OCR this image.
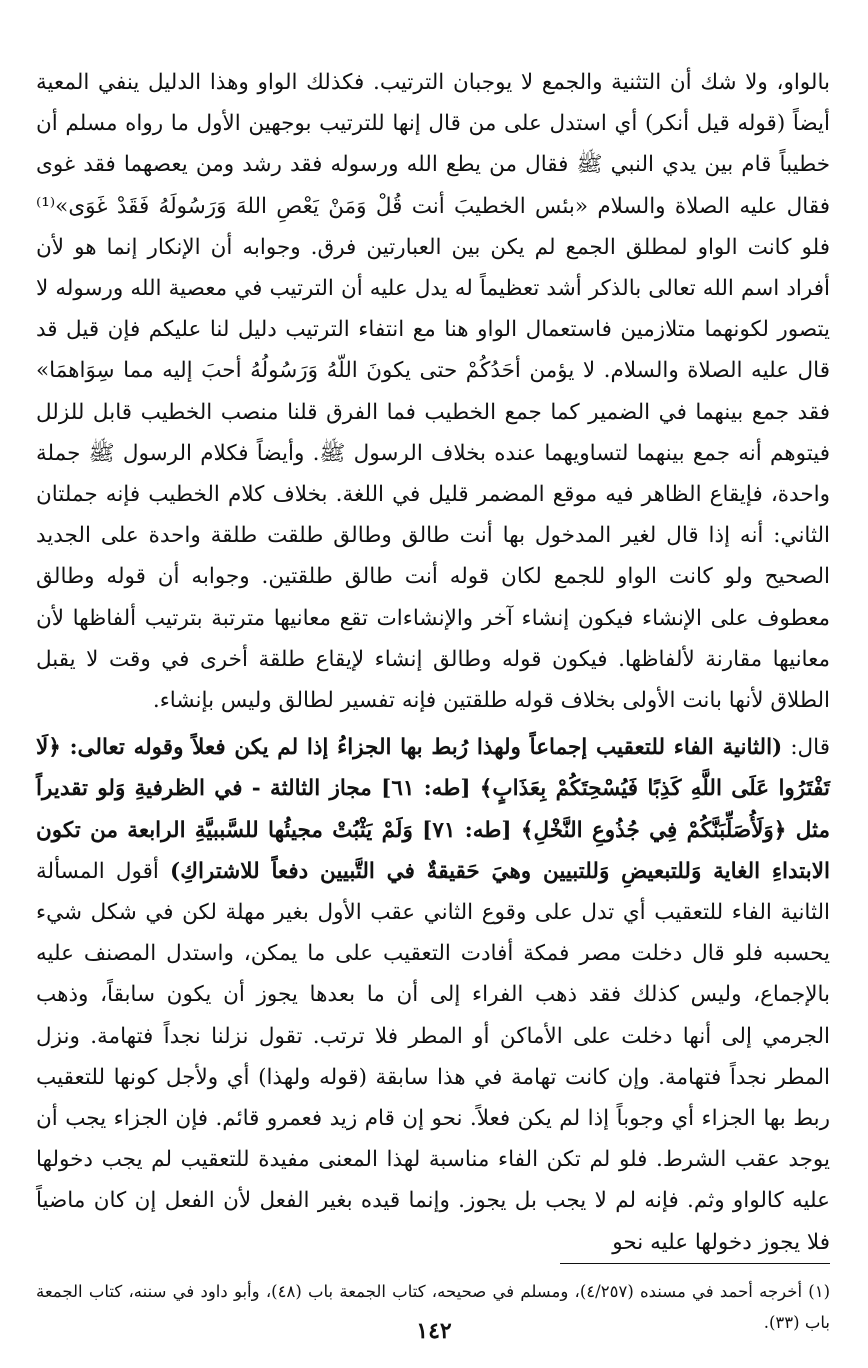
بالواو، ولا شك أن التثنية والجمع لا يوجبان الترتيب. فكذلك الواو وهذا الدليل ينفي المعية أيضاً (قوله قيل أنكر) أي استدل على من قال إنها للترتيب بوجهين الأول ما رواه مسلم أن خطيباً قام بين يدي النبي ﷺ فقال من يطع الله ورسوله فقد رشد ومن يعصهما فقد غوى فقال عليه الصلاة والسلام «بئس الخطيبَ أنت قُلْ وَمَنْ يَعْصِ اللهَ وَرَسُولَهُ فَقَدْ غَوَى»⁽¹⁾ فلو كانت الواو لمطلق الجمع لم يكن بين العبارتين فرق. وجوابه أن الإنكار إنما هو لأن أفراد اسم الله تعالى بالذكر أشد تعظيماً له يدل عليه أن الترتيب في معصية الله ورسوله لا يتصور لكونهما متلازمين فاستعمال الواو هنا مع انتفاء الترتيب دليل لنا عليكم فإن قيل قد قال عليه الصلاة والسلام. لا يؤمن أحَدُكُمْ حتى يكونَ اللّهُ وَرَسُولُهُ أحبَ إليه مما سِوَاهمَا» فقد جمع بينهما في الضمير كما جمع الخطيب فما الفرق قلنا منصب الخطيب قابل للزلل فيتوهم أنه جمع بينهما لتساويهما عنده بخلاف الرسول ﷺ. وأيضاً فكلام الرسول ﷺ جملة واحدة، فإيقاع الظاهر فيه موقع المضمر قليل في اللغة. بخلاف كلام الخطيب فإنه جملتان الثاني: أنه إذا قال لغير المدخول بها أنت طالق وطالق طلقت طلقة واحدة على الجديد الصحيح ولو كانت الواو للجمع لكان قوله أنت طالق طلقتين. وجوابه أن قوله وطالق معطوف على الإنشاء فيكون إنشاء آخر والإنشاءات تقع معانيها مترتبة بترتيب ألفاظها لأن معانيها مقارنة لألفاظها. فيكون قوله وطالق إنشاء لإيقاع طلقة أخرى في وقت لا يقبل الطلاق لأنها بانت الأولى بخلاف قوله طلقتين فإنه تفسير لطالق وليس بإنشاء.

قال: (الثانية الفاء للتعقيب إجماعاً ولهذا رُبط بها الجزاءُ إذا لم يكن فعلاً وقوله تعالى: ﴿لَا تَفْتَرُوا عَلَى اللَّهِ كَذِبًا فَيُسْحِتَكُمْ بِعَذَابٍ﴾ [طه: ٦١] مجاز الثالثة - في الظرفيةِ وَلو تقديراً مثل ﴿وَلَأُصَلِّبَنَّكُمْ فِي جُذُوعِ النَّخْلِ﴾ [طه: ٧١] وَلَمْ يَثْبُتْ مجيئُها للسَّببيَّةِ الرابعة من تكون الابتداءِ الغاية وَللتبعيضِ وَللتبيين وهيَ حَقيقةٌ في التَّبيين دفعاً للاشتراكِ) أقول المسألة الثانية الفاء للتعقيب أي تدل على وقوع الثاني عقب الأول بغير مهلة لكن في شكل شيء يحسبه فلو قال دخلت مصر فمكة أفادت التعقيب على ما يمكن، واستدل المصنف عليه بالإجماع، وليس كذلك فقد ذهب الفراء إلى أن ما بعدها يجوز أن يكون سابقاً، وذهب الجرمي إلى أنها دخلت على الأماكن أو المطر فلا ترتب. تقول نزلنا نجداً فتهامة. ونزل المطر نجداً فتهامة. وإن كانت تهامة في هذا سابقة (قوله ولهذا) أي ولأجل كونها للتعقيب ربط بها الجزاء أي وجوباً إذا لم يكن فعلاً. نحو إن قام زيد فعمرو قائم. فإن الجزاء يجب أن يوجد عقب الشرط. فلو لم تكن الفاء مناسبة لهذا المعنى مفيدة للتعقيب لم يجب دخولها عليه كالواو وثم. فإنه لم لا يجب بل يجوز. وإنما قيده بغير الفعل لأن الفعل إن كان ماضياً فلا يجوز دخولها عليه نحو

(١) أخرجه أحمد في مسنده (٤/٢٥٧)، ومسلم في صحيحه، كتاب الجمعة باب (٤٨)، وأبو داود في سننه، كتاب الجمعة باب (٣٣).

١٤٢
